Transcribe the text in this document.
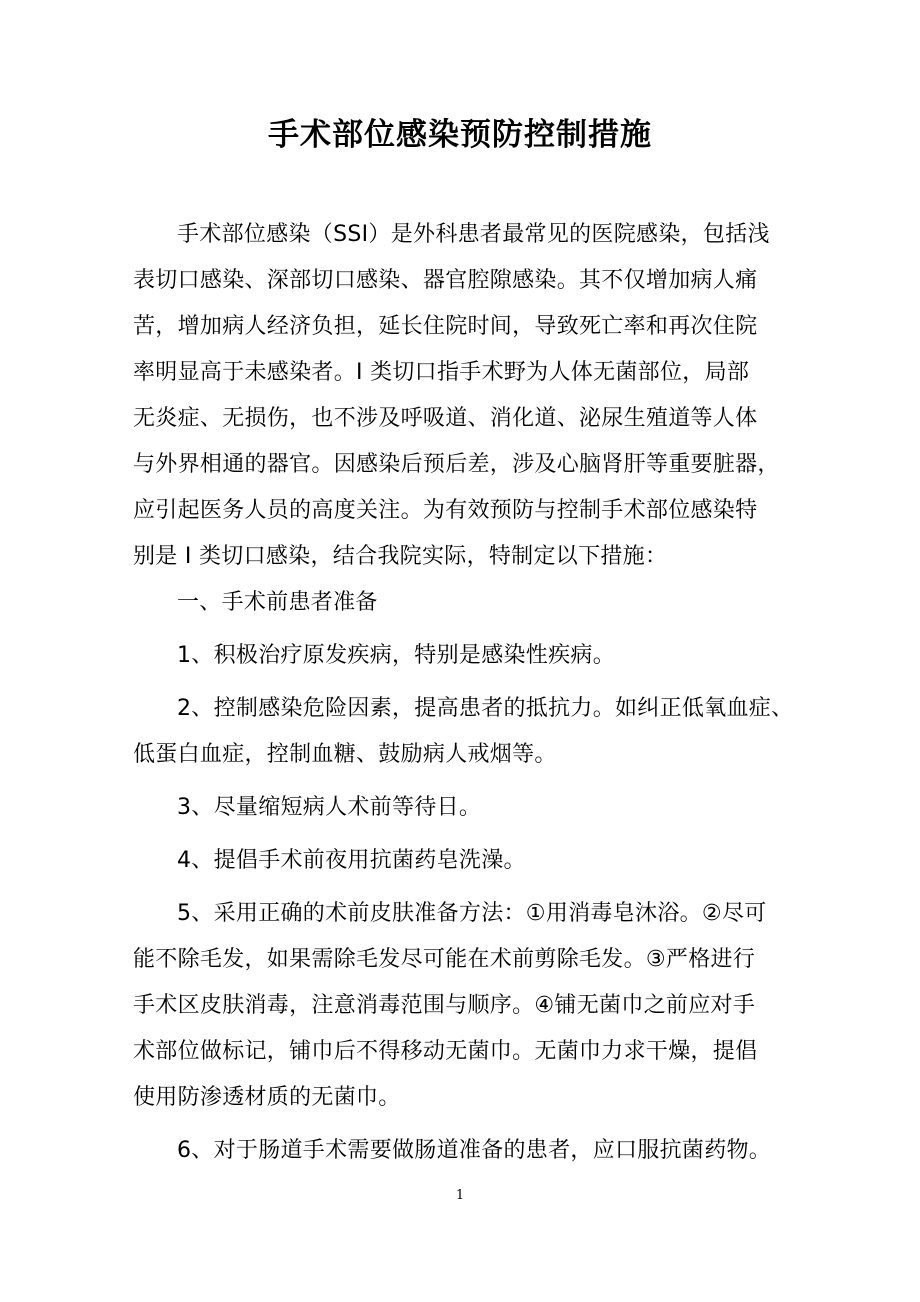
手术部位感染预防控制措施
手术部位感染（SSI）是外科患者最常见的医院感染，包括浅
表切口感染、深部切口感染、器官腔隙感染。其不仅增加病人痛
苦，增加病人经济负担，延长住院时间，导致死亡率和再次住院
率明显高于未感染者。I 类切口指手术野为人体无菌部位，局部
无炎症、无损伤，也不涉及呼吸道、消化道、泌尿生殖道等人体
与外界相通的器官。因感染后预后差，涉及心脑肾肝等重要脏器，
应引起医务人员的高度关注。为有效预防与控制手术部位感染特
别是 I 类切口感染，结合我院实际，特制定以下措施：
一、手术前患者准备
1、积极治疗原发疾病，特别是感染性疾病。
2、控制感染危险因素，提高患者的抵抗力。如纠正低氧血症、
低蛋白血症，控制血糖、鼓励病人戒烟等。
3、尽量缩短病人术前等待日。
4、提倡手术前夜用抗菌药皂洗澡。
5、采用正确的术前皮肤准备方法：①用消毒皂沐浴。②尽可
能不除毛发，如果需除毛发尽可能在术前剪除毛发。③严格进行
手术区皮肤消毒，注意消毒范围与顺序。④铺无菌巾之前应对手
术部位做标记，铺巾后不得移动无菌巾。无菌巾力求干燥，提倡
使用防渗透材质的无菌巾。
6、对于肠道手术需要做肠道准备的患者，应口服抗菌药物。
1
